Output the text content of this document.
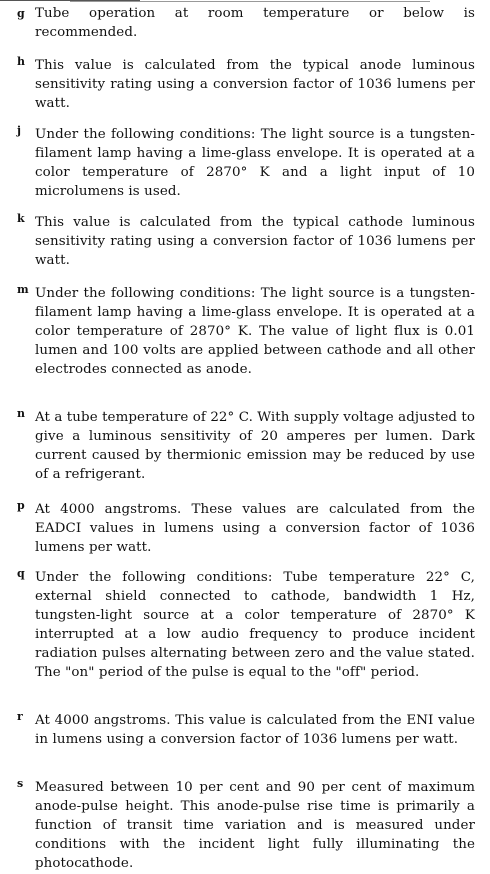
g Tube operation at room temperature or below is recommended.

h This value is calculated from the typical anode luminous sensitivity rating using a conversion factor of 1036 lumens per watt.

j Under the following conditions: The light source is a tungsten-filament lamp having a lime-glass envelope. It is operated at a color temperature of 2870° K and a light input of 10 microlumens is used.

k This value is calculated from the typical cathode luminous sensitivity rating using a conversion factor of 1036 lumens per watt.

m Under the following conditions: The light source is a tungsten-filament lamp having a lime-glass envelope. It is operated at a color temperature of 2870° K. The value of light flux is 0.01 lumen and 100 volts are applied between cathode and all other electrodes connected as anode.

n At a tube temperature of 22° C. With supply voltage adjusted to give a luminous sensitivity of 20 amperes per lumen. Dark current caused by thermionic emission may be reduced by use of a refrigerant.

p At 4000 angstroms. These values are calculated from the EADCI values in lumens using a conversion factor of 1036 lumens per watt.

q Under the following conditions: Tube temperature 22° C, external shield connected to cathode, bandwidth 1 Hz, tungsten-light source at a color temperature of 2870° K interrupted at a low audio frequency to produce incident radiation pulses alternating between zero and the value stated. The "on" period of the pulse is equal to the "off" period.

r At 4000 angstroms. This value is calculated from the ENI value in lumens using a conversion factor of 1036 lumens per watt.

s Measured between 10 per cent and 90 per cent of maximum anode-pulse height. This anode-pulse rise time is primarily a function of transit time variation and is measured under conditions with the incident light fully illuminating the photocathode.
